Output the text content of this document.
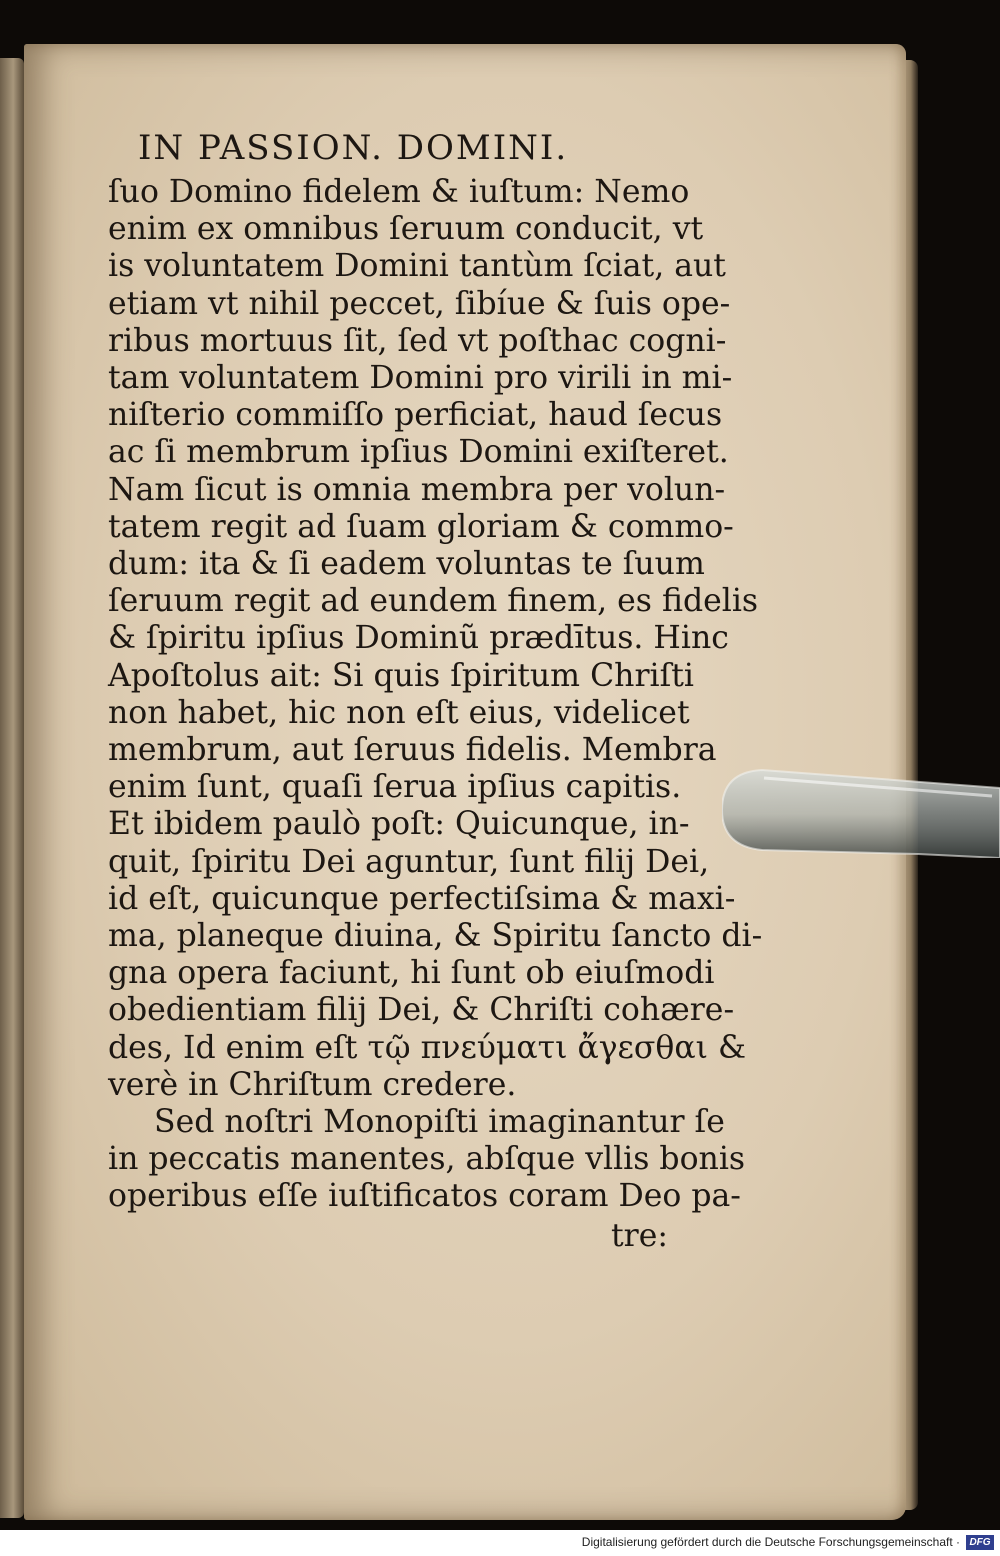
IN PASSION. DOMINI.
ſuo Domino fidelem & iuſtum: Nemo
enim ex omnibus ſeruum conducit, vt
is voluntatem Domini tantùm ſciat, aut
etiam vt nihil peccet, ſibíue & ſuis ope-
ribus mortuus ſit, ſed vt poſthac cogni-
tam voluntatem Domini pro virili in mi-
niſterio commiſſo perficiat, haud ſecus
ac ſi membrum ipſius Domini exiſteret.
Nam ſicut is omnia membra per volun-
tatem regit ad ſuam gloriam & commo-
dum: ita & ſi eadem voluntas te ſuum
ſeruum regit ad eundem finem, es fidelis
& ſpiritu ipſius Dominũ prædītus. Hinc
Apoſtolus ait: Si quis ſpiritum Chriſti
non habet, hic non eſt eius, videlicet
membrum, aut ſeruus fidelis. Membra
enim ſunt, quaſi ſerua ipſius capitis.
Et ibidem paulò poſt: Quicunque, in-
quit, ſpiritu Dei aguntur, ſunt filij Dei,
id eſt, quicunque perfectiſsima & maxi-
ma, planeque diuina, & Spiritu ſancto di-
gna opera faciunt, hi ſunt ob eiuſmodi
obedientiam filij Dei, & Chriſti cohære-
des, Id enim eſt τῷ πνεύματι ἄγεσθαι &
verè in Chriſtum credere.
Sed noſtri Monopiſti imaginantur ſe
in peccatis manentes, abſque vllis bonis
operibus eſſe iuſtificatos coram Deo pa-
tre:
Digitalisierung gefördert durch die Deutsche Forschungsgemeinschaft · DFG
